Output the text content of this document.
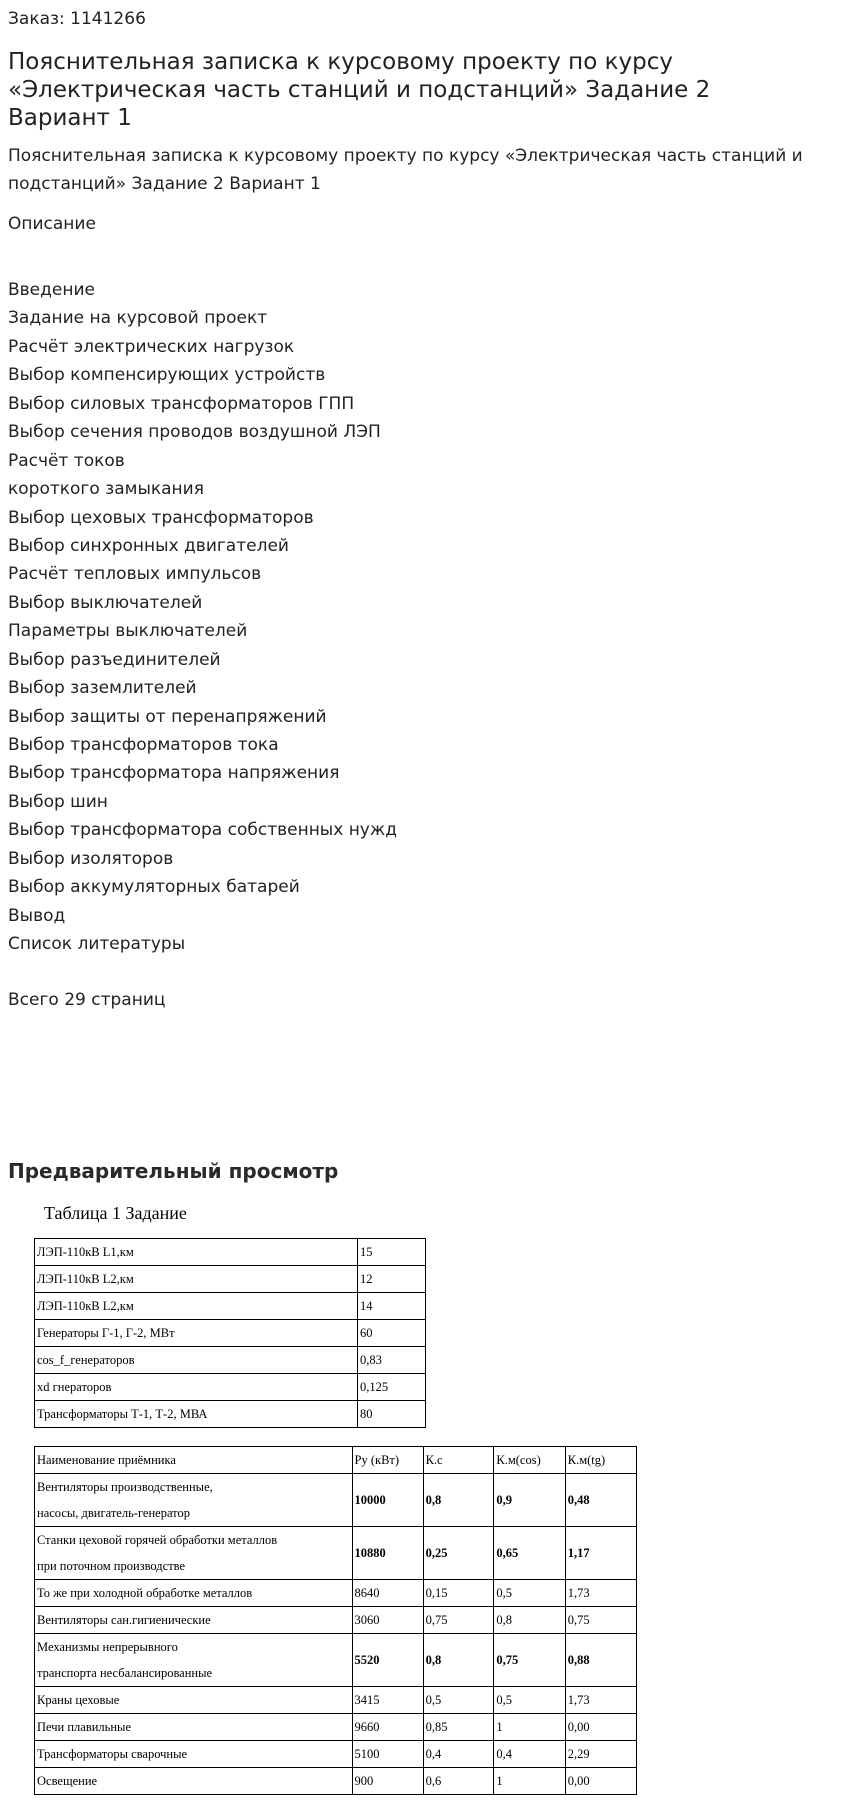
Заказ: 1141266
Пояснительная записка к курсовому проекту по курсу «Электрическая часть станций и подстанций» Задание 2 Вариант 1
Пояснительная записка к курсовому проекту по курсу «Электрическая часть станций и подстанций» Задание 2 Вариант 1
Описание
Введение
Задание на курсовой проект
Расчёт электрических нагрузок
Выбор компенсирующих устройств
Выбор силовых трансформаторов ГПП
Выбор сечения проводов воздушной ЛЭП
Расчёт токов
короткого замыкания
Выбор цеховых трансформаторов
Выбор синхронных двигателей
Расчёт тепловых импульсов
Выбор выключателей
Параметры выключателей
Выбор разъединителей
Выбор заземлителей
Выбор защиты от перенапряжений
Выбор трансформаторов тока
Выбор трансформатора напряжения
Выбор шин
Выбор трансформатора собственных нужд
Выбор изоляторов
Выбор аккумуляторных батарей
Вывод
Список литературы
Всего 29 страниц
Предварительный просмотр
Таблица 1 Задание
ЛЭП-110кВ L1,км	15
ЛЭП-110кВ L2,км	12
ЛЭП-110кВ L2,км	14
Генераторы Г-1, Г-2, МВт	60
cos_f_генераторов	0,83
xd гнераторов	0,125
Трансформаторы Т-1, Т-2, МВА	80
Наименование приёмника	Ру (кВт)	К.с	К.м(cos)	К.м(tg)

Вентиляторы производственные,
насосы, двигатель-генератор	10000	0,8	0,9	0,48

Станки цеховой горячей обработки металлов
при поточном производстве	10880	0,25	0,65	1,17

То же при холодной обработке металлов	8640	0,15	0,5	1,73

Вентиляторы сан.гигиенические	3060	0,75	0,8	0,75

Механизмы непрерывного
транспорта несбалансированные	5520	0,8	0,75	0,88

Краны цеховые	3415	0,5	0,5	1,73

Печи плавильные	9660	0,85	1	0,00

Трансформаторы сварочные	5100	0,4	0,4	2,29

Освещение	900	0,6	1	0,00
